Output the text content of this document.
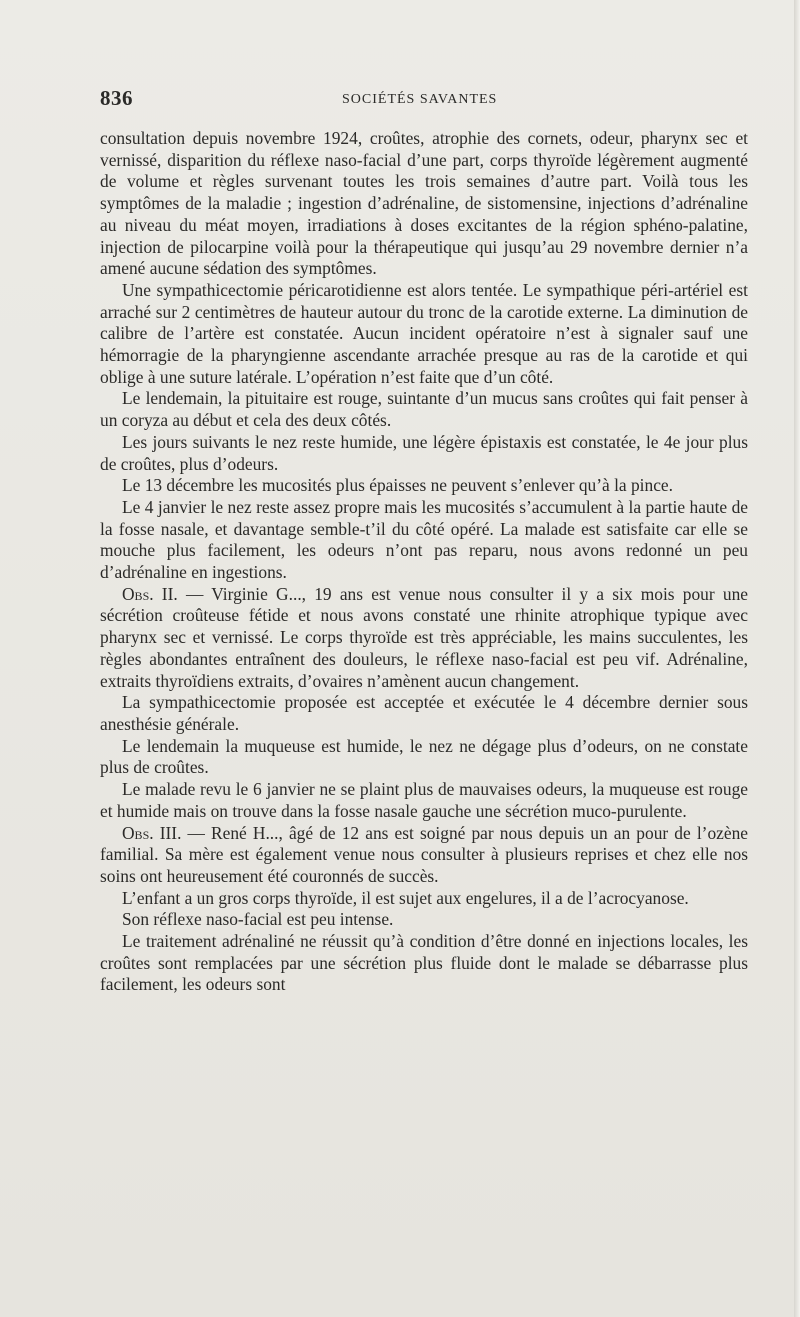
836	SOCIÉTÉS SAVANTES

consultation depuis novembre 1924, croûtes, atrophie des cornets, odeur, pharynx sec et vernissé, disparition du réflexe naso-facial d’une part, corps thyroïde légèrement augmenté de volume et règles survenant toutes les trois semaines d’autre part. Voilà tous les symptômes de la maladie ; ingestion d’adrénaline, de sistomensine, injections d’adrénaline au niveau du méat moyen, irradiations à doses excitantes de la région sphéno-palatine, injection de pilocarpine voilà pour la thérapeutique qui jusqu’au 29 novembre dernier n’a amené aucune sédation des symptômes.

Une sympathicectomie péricarotidienne est alors tentée. Le sympathique péri-artériel est arraché sur 2 centimètres de hauteur autour du tronc de la carotide externe. La diminution de calibre de l’artère est constatée. Aucun incident opératoire n’est à signaler sauf une hémorragie de la pharyngienne ascendante arrachée presque au ras de la carotide et qui oblige à une suture latérale. L’opération n’est faite que d’un côté.

Le lendemain, la pituitaire est rouge, suintante d’un mucus sans croûtes qui fait penser à un coryza au début et cela des deux côtés.

Les jours suivants le nez reste humide, une légère épistaxis est constatée, le 4e jour plus de croûtes, plus d’odeurs.

Le 13 décembre les mucosités plus épaisses ne peuvent s’enlever qu’à la pince.

Le 4 janvier le nez reste assez propre mais les mucosités s’accumulent à la partie haute de la fosse nasale, et davantage semble-t’il du côté opéré. La malade est satisfaite car elle se mouche plus facilement, les odeurs n’ont pas reparu, nous avons redonné un peu d’adrénaline en ingestions.

Obs. II. — Virginie G..., 19 ans est venue nous consulter il y a six mois pour une sécrétion croûteuse fétide et nous avons constaté une rhinite atrophique typique avec pharynx sec et vernissé. Le corps thyroïde est très appréciable, les mains succulentes, les règles abondantes entraînent des douleurs, le réflexe naso-facial est peu vif. Adrénaline, extraits thyroïdiens extraits, d’ovaires n’amènent aucun changement.

La sympathicectomie proposée est acceptée et exécutée le 4 décembre dernier sous anesthésie générale.

Le lendemain la muqueuse est humide, le nez ne dégage plus d’odeurs, on ne constate plus de croûtes.

Le malade revu le 6 janvier ne se plaint plus de mauvaises odeurs, la muqueuse est rouge et humide mais on trouve dans la fosse nasale gauche une sécrétion muco-purulente.

Obs. III. — René H..., âgé de 12 ans est soigné par nous depuis un an pour de l’ozène familial. Sa mère est également venue nous consulter à plusieurs reprises et chez elle nos soins ont heureusement été couronnés de succès.

L’enfant a un gros corps thyroïde, il est sujet aux engelures, il a de l’acrocyanose.

Son réflexe naso-facial est peu intense.

Le traitement adrénaliné ne réussit qu’à condition d’être donné en injections locales, les croûtes sont remplacées par une sécrétion plus fluide dont le malade se débarrasse plus facilement, les odeurs sont
